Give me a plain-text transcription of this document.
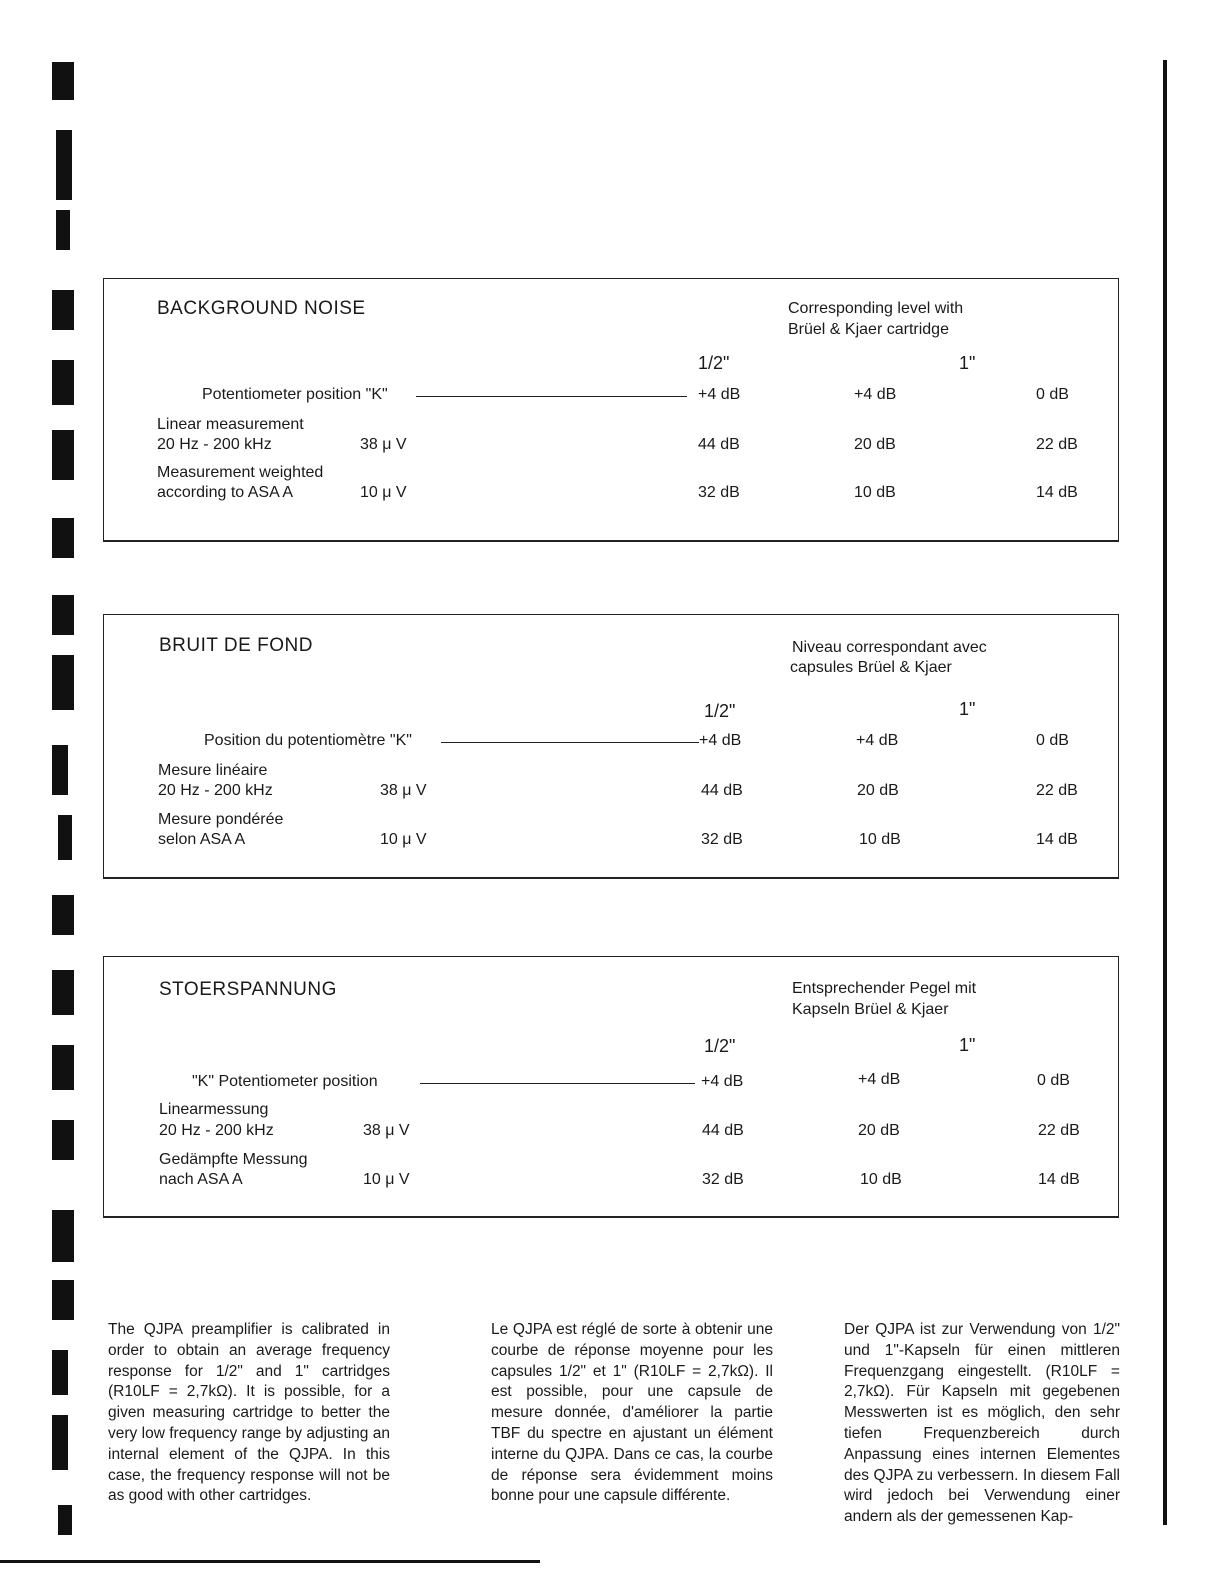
BACKGROUND NOISE	Corresponding level with
Brüel & Kjaer cartridge
1/2"	1"
Potentiometer position "K"	+4 dB	+4 dB	0 dB
Linear measurement
20 Hz - 200 kHz	38 μ V	44 dB	20 dB	22 dB
Measurement weighted
according to ASA A	10 μ V	32 dB	10 dB	14 dB
BRUIT DE FOND	Niveau correspondant avec
capsules Brüel & Kjaer
1/2"	1"
Position du potentiomètre "K"	+4 dB	+4 dB	0 dB
Mesure linéaire
20 Hz - 200 kHz	38 μ V	44 dB	20 dB	22 dB
Mesure pondérée
selon ASA A	10 μ V	32 dB	10 dB	14 dB
STOERSPANNUNG	Entsprechender Pegel mit
Kapseln Brüel & Kjaer
1/2"	1"
"K" Potentiometer position	+4 dB	+4 dB	0 dB
Linearmessung
20 Hz - 200 kHz	38 μ V	44 dB	20 dB	22 dB
Gedämpfte Messung
nach ASA A	10 μ V	32 dB	10 dB	14 dB

The QJPA preamplifier is calibrated in order to obtain an average frequency response for 1/2" and 1" cartridges (R10LF = 2,7kΩ). It is possible, for a given measuring cartridge to better the very low frequency range by adjusting an internal element of the QJPA. In this case, the frequency response will not be as good with other cartridges.

Le QJPA est réglé de sorte à obtenir une courbe de réponse moyenne pour les capsules 1/2" et 1" (R10LF = 2,7kΩ). Il est possible, pour une capsule de mesure donnée, d'améliorer la partie TBF du spectre en ajustant un élément interne du QJPA. Dans ce cas, la courbe de réponse sera évidemment moins bonne pour une capsule différente.

Der QJPA ist zur Verwendung von 1/2" und 1"-Kapseln für einen mittleren Frequenzgang eingestellt. (R10LF = 2,7kΩ). Für Kapseln mit gegebenen Messwerten ist es möglich, den sehr tiefen Frequenzbereich durch Anpassung eines internen Elementes des QJPA zu verbessern. In diesem Fall wird jedoch bei Verwendung einer andern als der gemessenen Kap-
